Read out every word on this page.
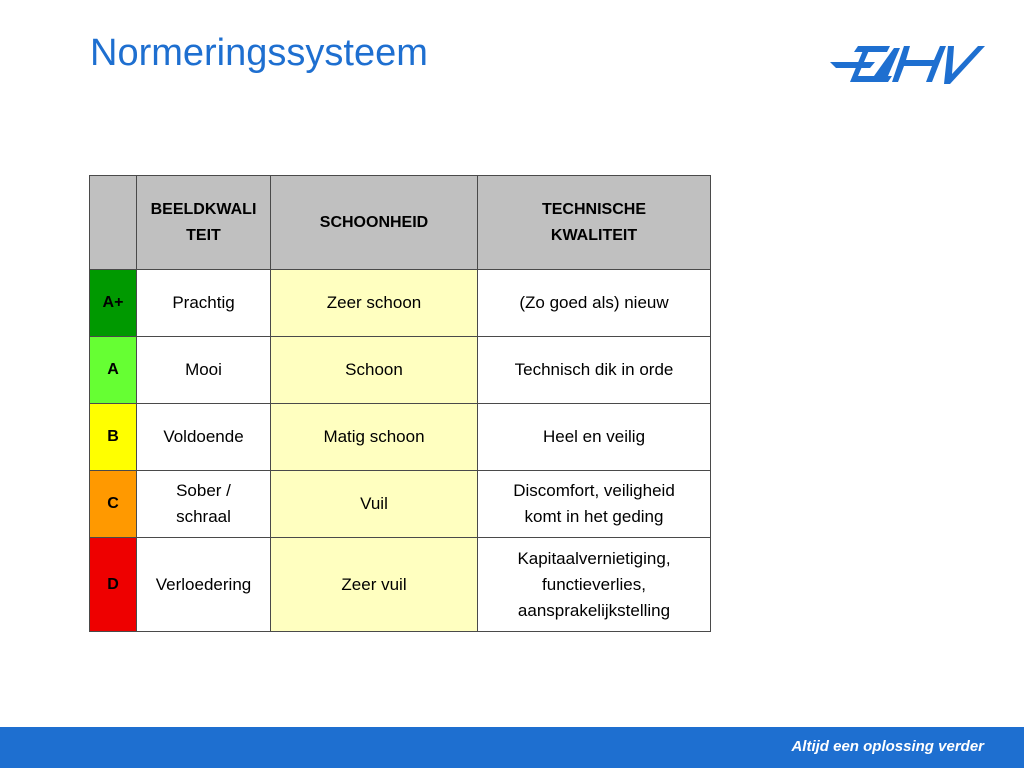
Normeringssysteem

	BEELDKWALITEIT	SCHOONHEID	TECHNISCHE KWALITEIT

A+	Prachtig	Zeer schoon	(Zo goed als) nieuw
A	Mooi	Schoon	Technisch dik in orde
B	Voldoende	Matig schoon	Heel en veilig
C	Sober / schraal	Vuil	Discomfort, veiligheid komt in het geding

D	Verloedering	Zeer vuil	Kapitaalvernietiging, functieverlies, aansprakelijkstelling
Altijd een oplossing verder
